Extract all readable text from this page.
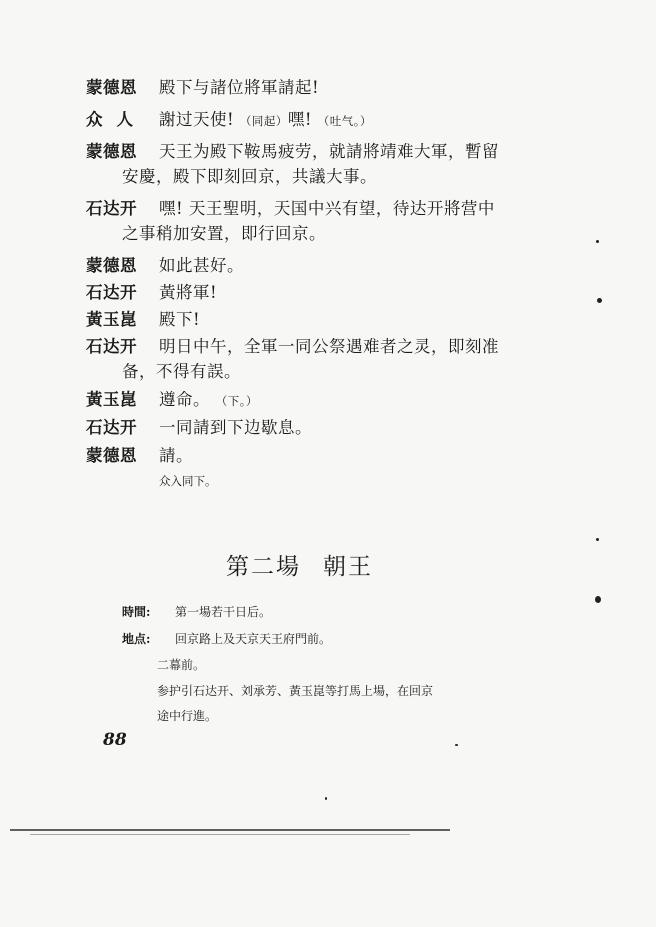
蒙德恩 殿下与諸位將軍請起!
众人 謝过天使! （同起）嘿! （吐气。）
蒙德恩 天王为殿下鞍馬疲劳，就請將靖难大軍，暫留
安慶，殿下即刻回京，共議大事。
石达开 嘿! 天王聖明，天国中兴有望，待达开將营中
之事稍加安置，即行回京。
蒙德恩 如此甚好。
石达开 黃將軍!
黃玉崑 殿下!
石达开 明日中午，全軍一同公祭遇难者之灵，即刻准
备，不得有誤。
黃玉崑 遵命。 （下。）
石达开 一同請到下边歇息。
蒙德恩 請。
众入同下。
第二場 朝王
時間: 第一場若干日后。
地点: 回京路上及天京天王府門前。
二幕前。
参护引石达开、刘承芳、黃玉崑等打馬上場，在回京
途中行進。
88
